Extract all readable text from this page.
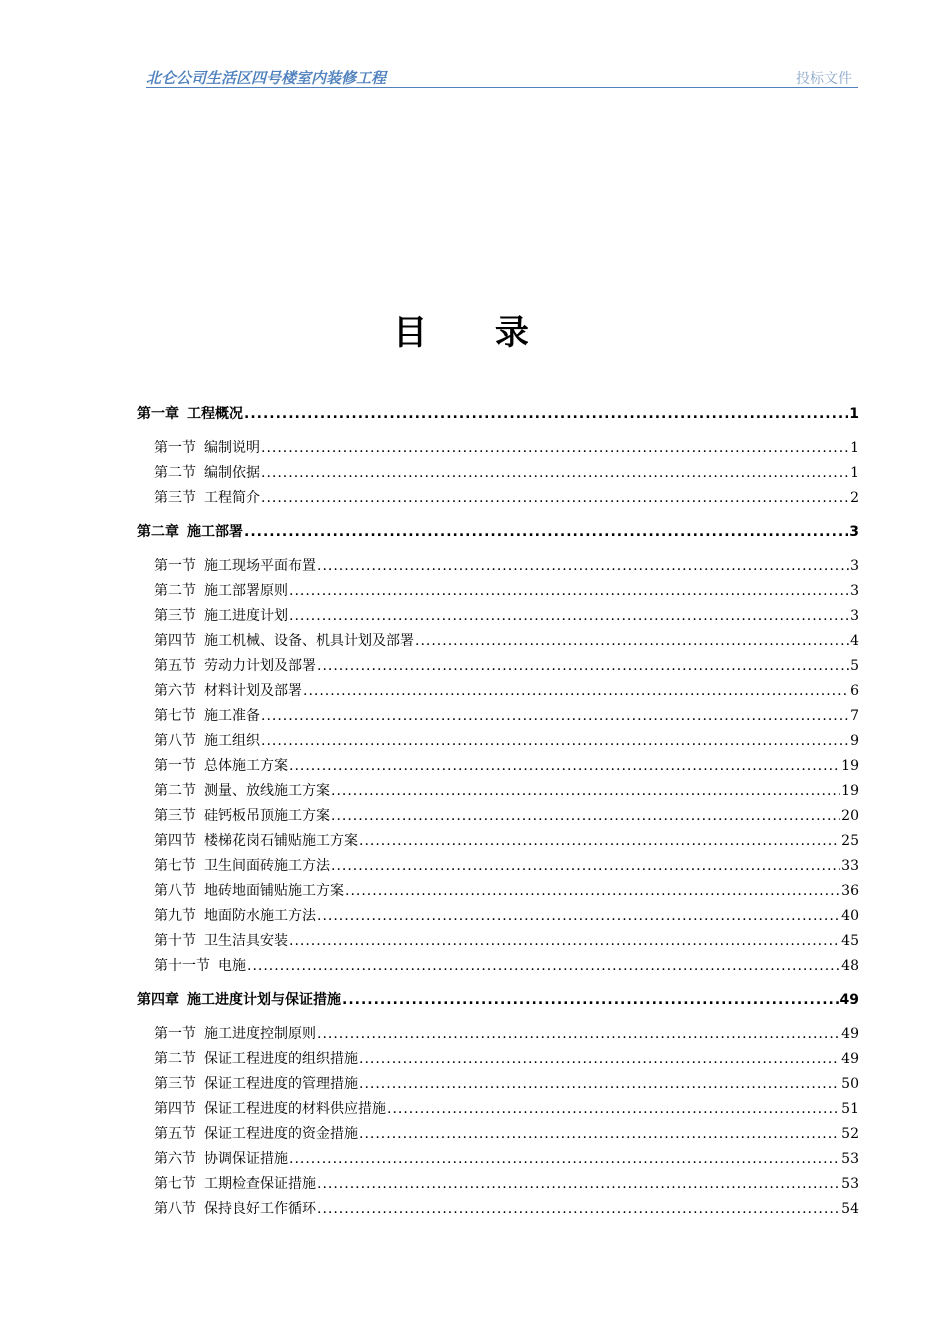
北仑公司生活区四号楼室内装修工程	投标文件
目 录
第一章 工程概况 .....	1
第一节 编制说明 .....	1
第二节 编制依据 .....	1
第三节 工程简介 .....	2
第二章 施工部署 .....	3
第一节 施工现场平面布置 .....	3
第二节 施工部署原则 .....	3
第三节 施工进度计划 .....	3
第四节 施工机械、设备、机具计划及部署 .....	4
第五节 劳动力计划及部署 .....	5
第六节 材料计划及部署 .....	6
第七节 施工准备 .....	7
第八节 施工组织 .....	9
第一节 总体施工方案 .....	19
第二节 测量、放线施工方案 .....	19
第三节 硅钙板吊顶施工方案 .....	20
第四节 楼梯花岗石铺贴施工方案 .....	25
第七节 卫生间面砖施工方法 .....	33
第八节 地砖地面铺贴施工方案 .....	36
第九节 地面防水施工方法 .....	40
第十节 卫生洁具安装 .....	45
第十一节 电施 .....	48
第四章 施工进度计划与保证措施 .....	49
第一节 施工进度控制原则 .....	49
第二节 保证工程进度的组织措施 .....	49
第三节 保证工程进度的管理措施 .....	50
第四节 保证工程进度的材料供应措施 .....	51
第五节 保证工程进度的资金措施 .....	52
第六节 协调保证措施 .....	53
第七节 工期检查保证措施 .....	53
第八节 保持良好工作循环 .....	54
